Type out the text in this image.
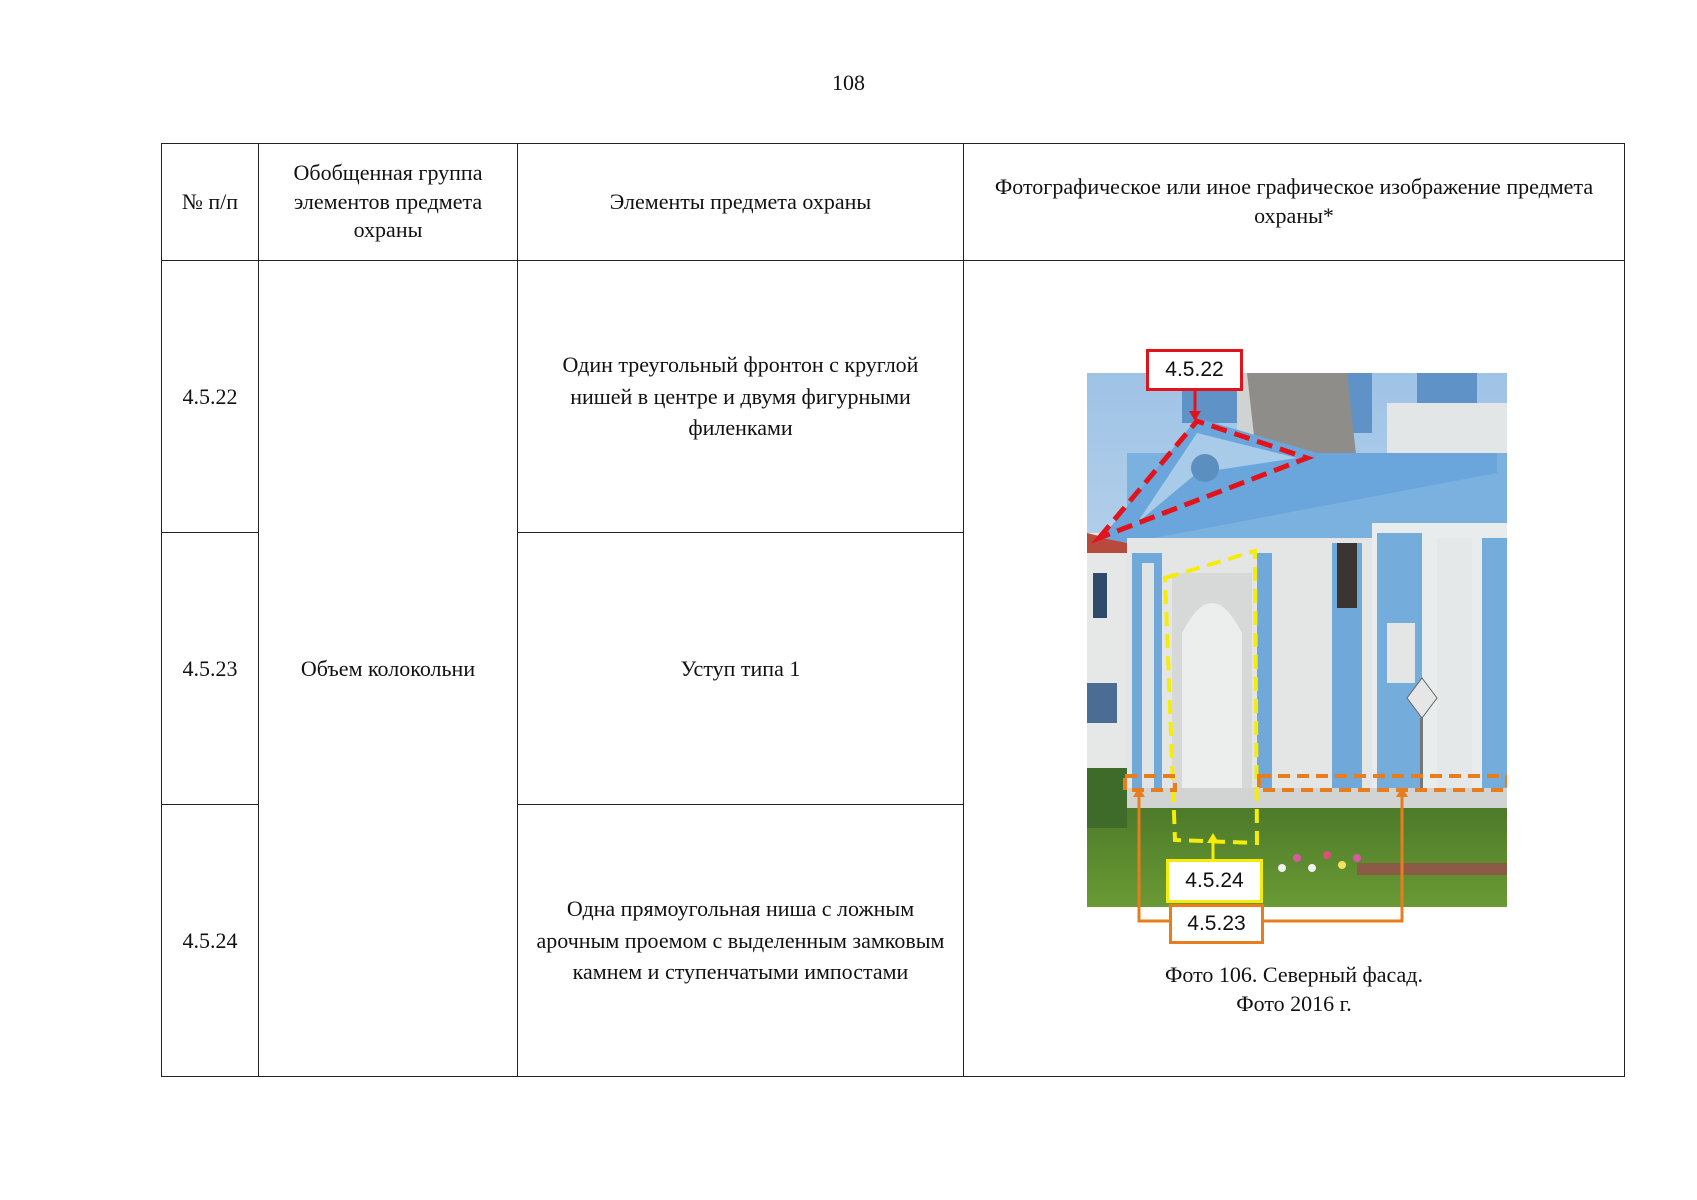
108
№ п/п	Обобщенная группа элементов предмета охраны	Элементы предмета охраны	Фотографическое или иное графическое изображение предмета охраны*
4.5.22	Объем колокольни	Один треугольный фронтон с круглой нишей в центре и двумя фигурными филенками	4.5.22
4.5.24
4.5.23
Фото 106. Северный фасад.
Фото 2016 г.

4.5.23		Уступ типа 1	
4.5.24		Одна прямоугольная ниша с ложным арочным проемом с выделенным замковым камнем и ступенчатыми импостами	
